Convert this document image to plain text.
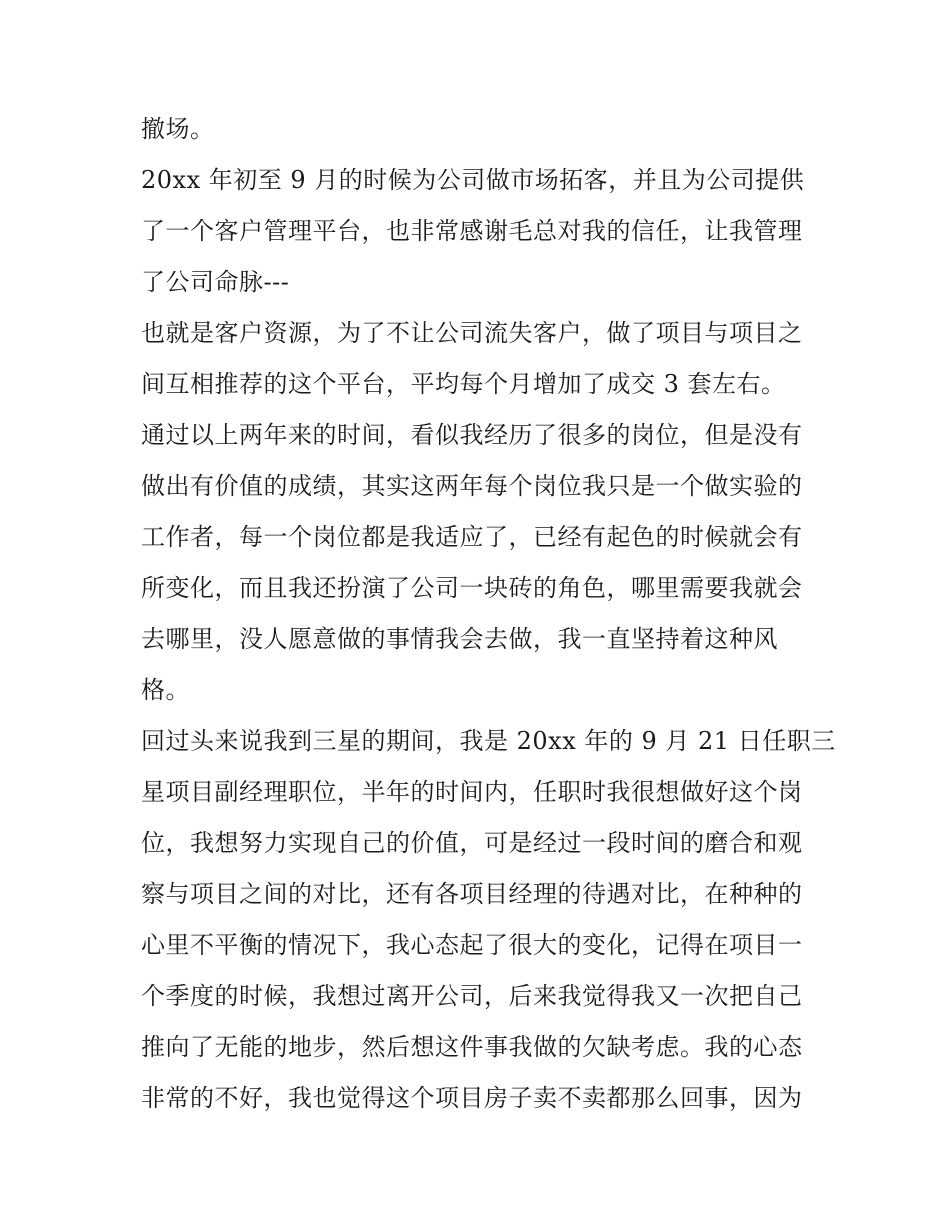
撤场。
20xx 年初至 9 月的时候为公司做市场拓客，并且为公司提供
了一个客户管理平台，也非常感谢毛总对我的信任，让我管理
了公司命脉---
也就是客户资源，为了不让公司流失客户，做了项目与项目之
间互相推荐的这个平台，平均每个月增加了成交 3 套左右。
通过以上两年来的时间，看似我经历了很多的岗位，但是没有
做出有价值的成绩，其实这两年每个岗位我只是一个做实验的
工作者，每一个岗位都是我适应了，已经有起色的时候就会有
所变化，而且我还扮演了公司一块砖的角色，哪里需要我就会
去哪里，没人愿意做的事情我会去做，我一直坚持着这种风
格。
回过头来说我到三星的期间，我是 20xx 年的 9 月 21 日任职三
星项目副经理职位，半年的时间内，任职时我很想做好这个岗
位，我想努力实现自己的价值，可是经过一段时间的磨合和观
察与项目之间的对比，还有各项目经理的待遇对比，在种种的
心里不平衡的情况下，我心态起了很大的变化，记得在项目一
个季度的时候，我想过离开公司，后来我觉得我又一次把自己
推向了无能的地步，然后想这件事我做的欠缺考虑。我的心态
非常的不好，我也觉得这个项目房子卖不卖都那么回事，因为
